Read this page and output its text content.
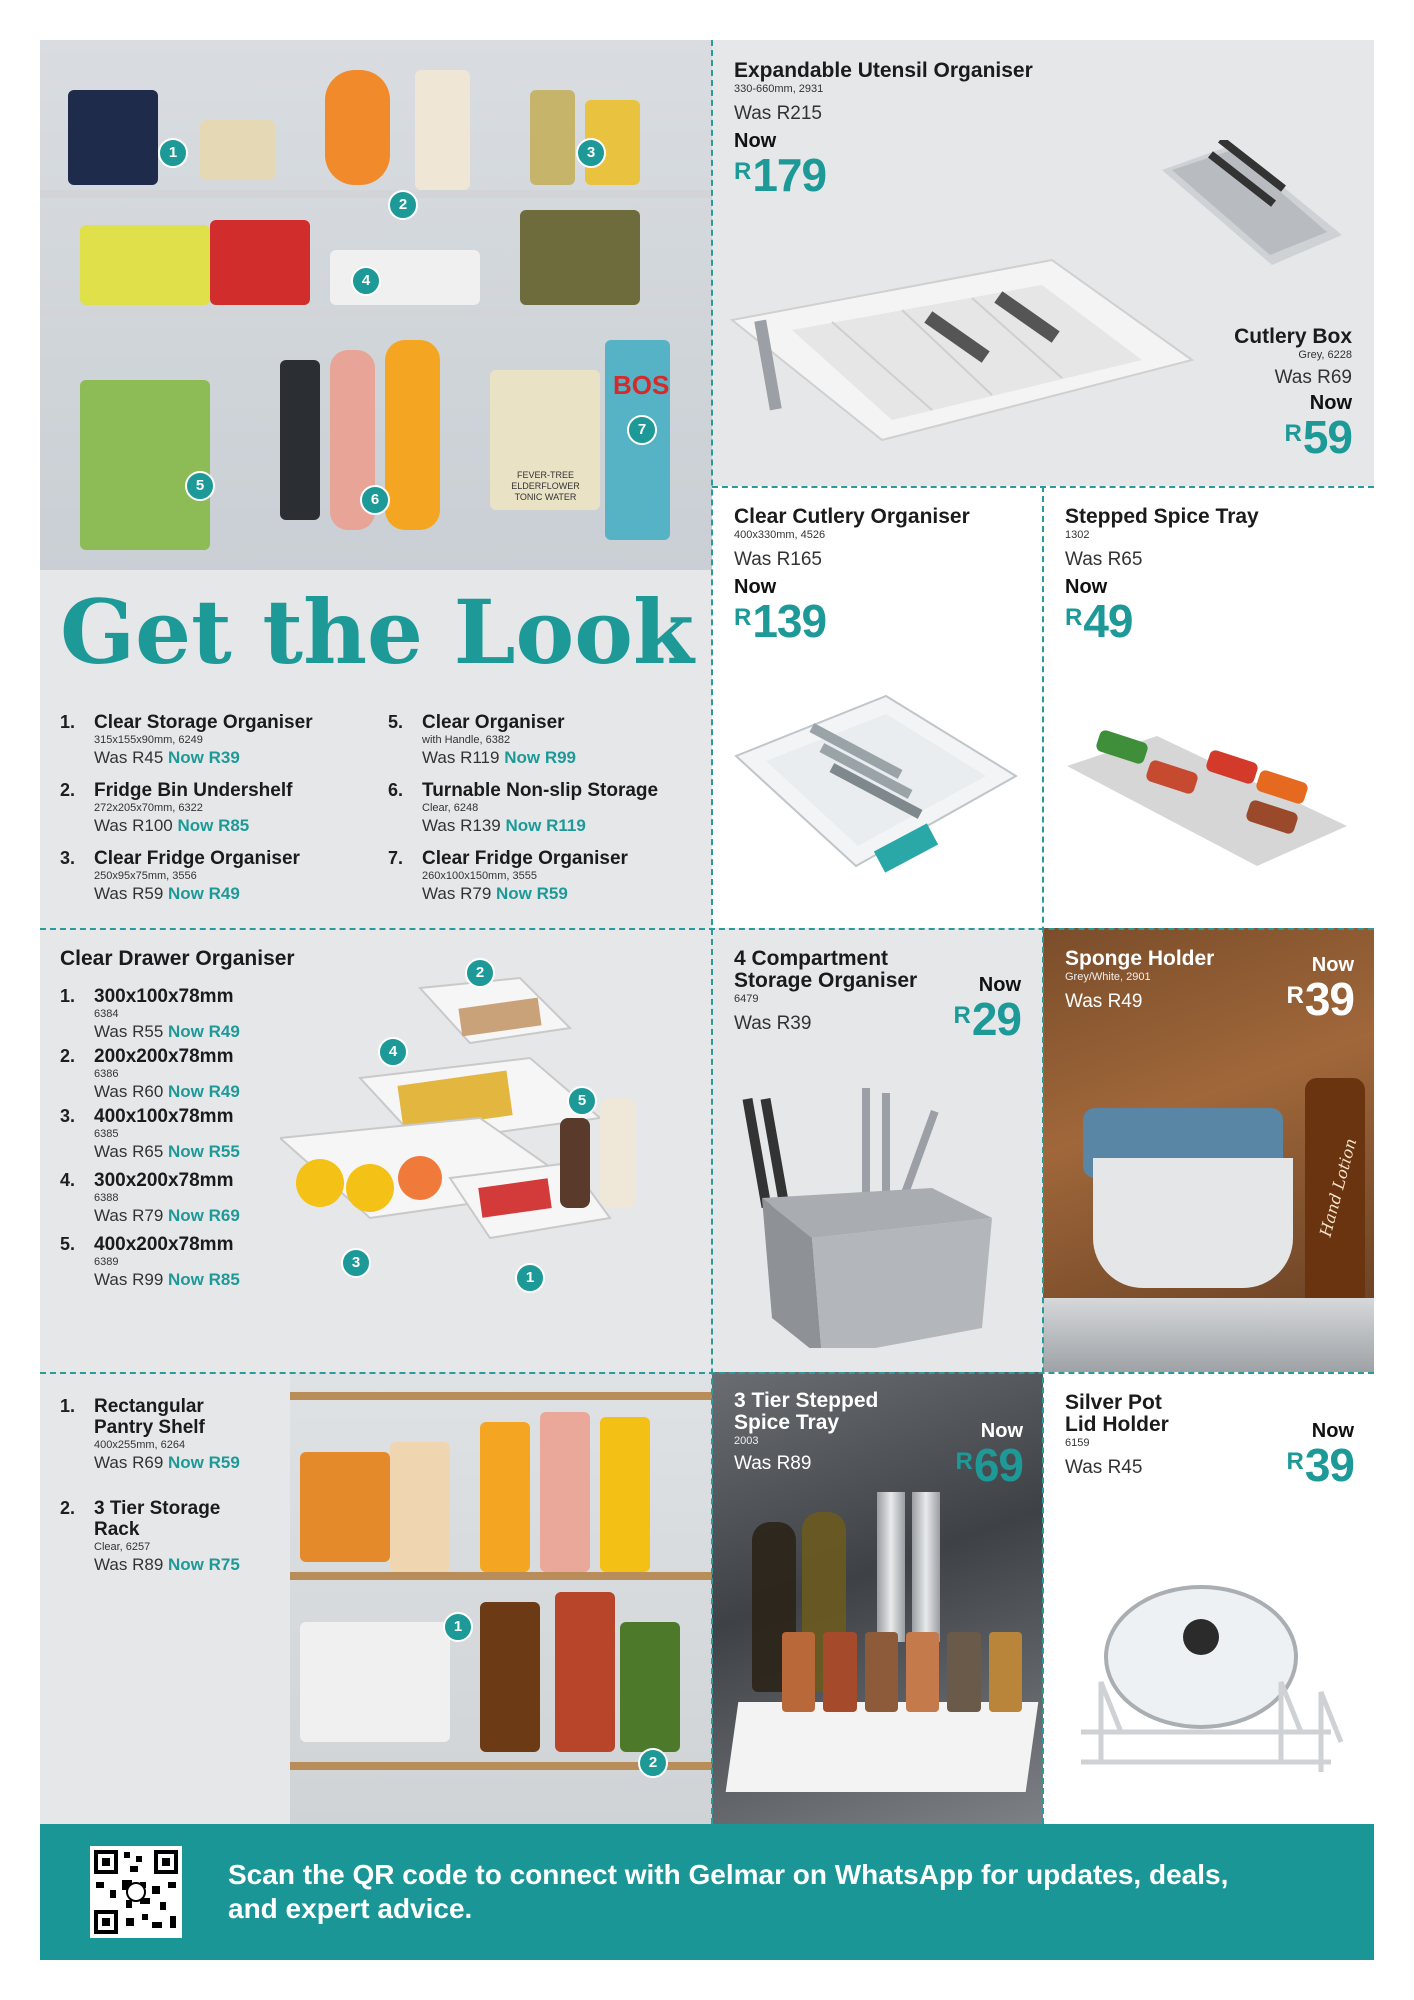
BOS
FEVER-TREE ELDERFLOWER TONIC WATER
1
2
3
4
5
6
7
Get the Look
1. Clear Storage Organiser
315x155x90mm, 6249
Was R45 Now R39
2. Fridge Bin Undershelf
272x205x70mm, 6322
Was R100 Now R85
3. Clear Fridge Organiser
250x95x75mm, 3556
Was R59 Now R49
5. Clear Organiser
with Handle, 6382
Was R119 Now R99
6. Turnable Non-slip Storage
Clear, 6248
Was R139 Now R119
7. Clear Fridge Organiser
260x100x150mm, 3555
Was R79 Now R59
Expandable Utensil Organiser
330-660mm, 2931
Was R215
Now
R179
Cutlery Box
Grey, 6228
Was R69
Now
R59
Clear Cutlery Organiser
400x330mm, 4526
Was R165
Now
R139
Stepped Spice Tray
1302
Was R65
Now
R49
Clear Drawer Organiser
1. 300x100x78mm
6384
Was R55 Now R49
2. 200x200x78mm
6386
Was R60 Now R49
3. 400x100x78mm
6385
Was R65 Now R55
4. 300x200x78mm
6388
Was R79 Now R69
5. 400x200x78mm
6389
Was R99 Now R85
2
4
5
3
1
4 Compartment
Storage Organiser
6479
Was R39
Now
R29
Sponge Holder
Grey/White, 2901
Was R49
Now
R39
Hand Lotion
1. Rectangular
Pantry Shelf
400x255mm, 6264
Was R69 Now R59
2. 3 Tier Storage
Rack
Clear, 6257
Was R89 Now R75
1
2
3 Tier Stepped
Spice Tray
2003
Was R89
Now
R69
Silver Pot
Lid Holder
6159
Was R45
Now
R39
Scan the QR code to connect with Gelmar on WhatsApp for updates, deals, and expert advice.
